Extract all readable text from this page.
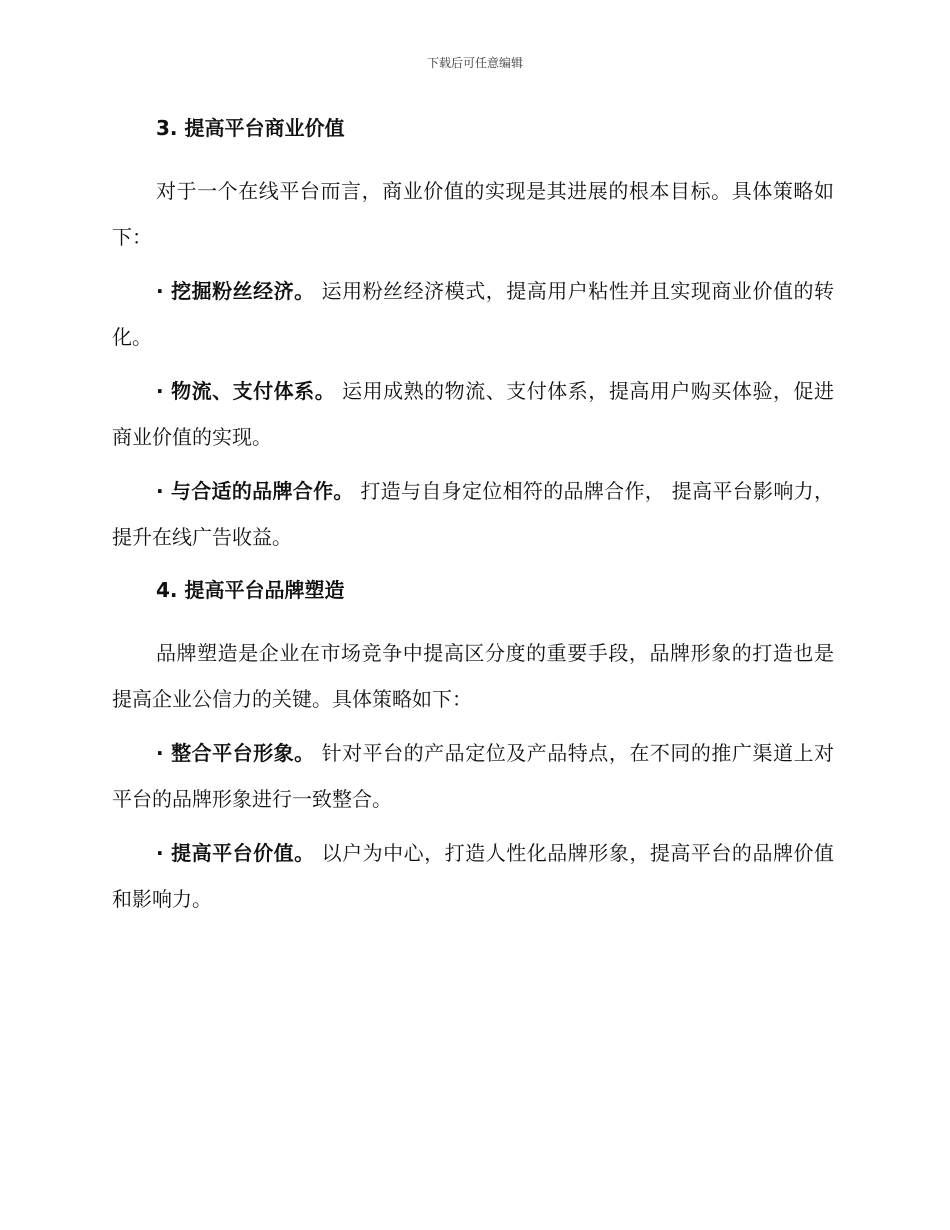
下载后可任意编辑
3. 提高平台商业价值

对于一个在线平台而言，商业价值的实现是其进展的根本目标。具体策略如下：

· 挖掘粉丝经济。 运用粉丝经济模式，提高用户粘性并且实现商业价值的转化。

· 物流、支付体系。 运用成熟的物流、支付体系，提高用户购买体验，促进商业价值的实现。

· 与合适的品牌合作。 打造与自身定位相符的品牌合作， 提高平台影响力，提升在线广告收益。

4. 提高平台品牌塑造

品牌塑造是企业在市场竞争中提高区分度的重要手段，品牌形象的打造也是提高企业公信力的关键。具体策略如下：

· 整合平台形象。 针对平台的产品定位及产品特点，在不同的推广渠道上对平台的品牌形象进行一致整合。

· 提高平台价值。 以户为中心，打造人性化品牌形象，提高平台的品牌价值和影响力。
